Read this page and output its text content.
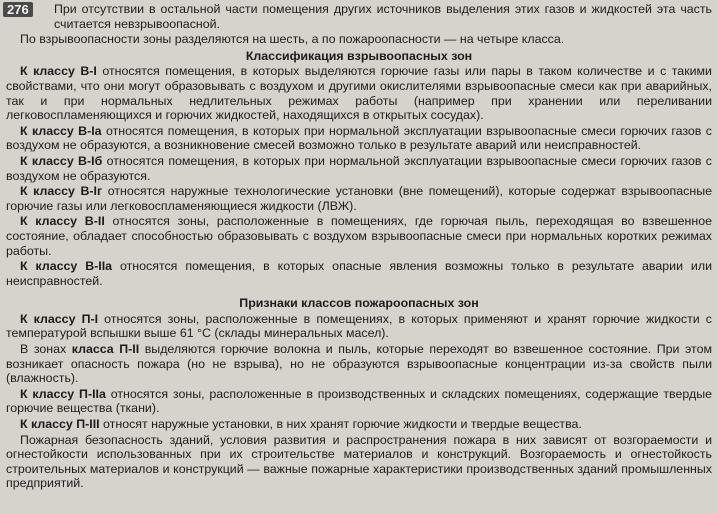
276	При отсутствии в остальной части помещения других источников выделения этих газов и жидкостей эта часть считается невзрывоопасной.

По взрывоопасности зоны разделяются на шесть, а по пожароопасности — на четыре класса.

Классификация взрывоопасных зон

К классу В-I относятся помещения, в которых выделяются горючие газы или пары в таком количестве и с такими свойствами, что они могут образовывать с воздухом и другими окислителями взрывоопасные смеси как при аварийных, так и при нормальных недлительных режимах работы (например при хранении или переливании легковоспламеняющихся и горючих жидкостей, находящихся в открытых сосудах).

К классу В-Iа относятся помещения, в которых при нормальной эксплуатации взрывоопасные смеси горючих газов с воздухом не образуются, а возникновение смесей возможно только в результате аварий или неисправностей.

К классу В-Iб относятся помещения, в которых при нормальной эксплуатации взрывоопасные смеси горючих газов с воздухом не образуются.

К классу В-Iг относятся наружные технологические установки (вне помещений), которые содержат взрывоопасные горючие газы или легковоспламеняющиеся жидкости (ЛВЖ).

К классу В-II относятся зоны, расположенные в помещениях, где горючая пыль, переходящая во взвешенное состояние, обладает способностью образовывать с воздухом взрывоопасные смеси при нормальных коротких режимах работы.

К классу В-IIа относятся помещения, в которых опасные явления возможны только в результате аварии или неисправностей.

Признаки классов пожароопасных зон

К классу П-I относятся зоны, расположенные в помещениях, в которых применяют и хранят горючие жидкости с температурой вспышки выше 61 °С (склады минеральных масел).

В зонах класса П-II выделяются горючие волокна и пыль, которые переходят во взвешенное состояние. При этом возникает опасность пожара (но не взрыва), но не образуются взрывоопасные концентрации из-за свойств пыли (влажность).

К классу П-IIа относятся зоны, расположенные в производственных и складских помещениях, содержащие твердые горючие вещества (ткани).

К классу П-III относят наружные установки, в них хранят горючие жидкости и твердые вещества.

Пожарная безопасность зданий, условия развития и распространения пожара в них зависят от возгораемости и огнестойкости использованных при их строительстве материалов и конструкций. Возгораемость и огнестойкость строительных материалов и конструкций — важные пожарные характеристики производственных зданий промышленных предприятий.
